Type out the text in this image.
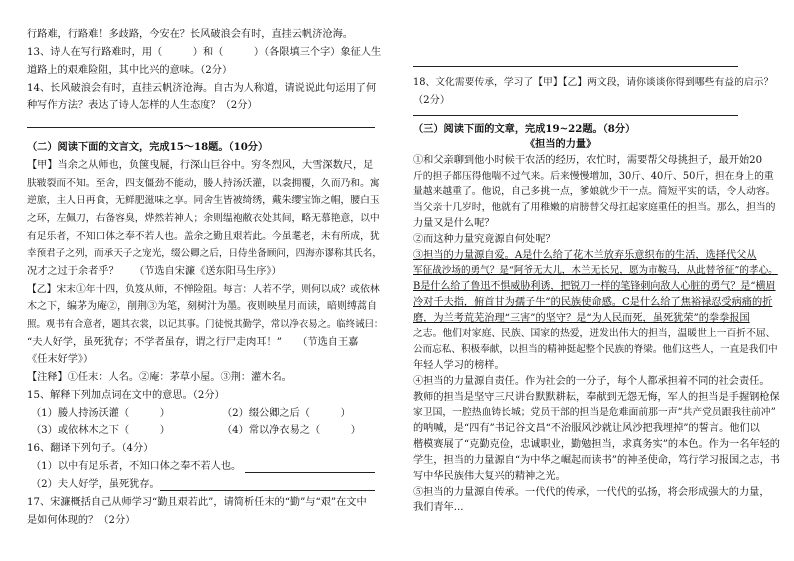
行路难，行路难！多歧路，今安在？长风破浪会有时，直挂云帆济沧海。
13、诗人在写行路难时，用（　　　）和（　　　）（各限填三个字）象征人生
道路上的艰难险阻，其中比兴的意味。（2分）
14、长风破浪会有时，直挂云帆济沧海。自古为人称道，请说说此句运用了何
种写作方法？表达了诗人怎样的人生态度？（2分）
（二）阅读下面的文言文，完成15～18题。（10分）
【甲】当余之从师也，负箧曳屣，行深山巨谷中。穷冬烈风，大雪深数尺，足
肤皲裂而不知。至舍，四支僵劲不能动，媵人持汤沃灌，以衾拥覆，久而乃和。寓
逆旅，主人日再食，无鲜肥滋味之享。同舍生皆被绮绣，戴朱缨宝饰之帽，腰白玉
之环，左佩刀，右备容臭，烨然若神人；余则缊袍敝衣处其间，略无慕艳意，以中
有足乐者，不知口体之奉不若人也。盖余之勤且艰若此。今虽耄老，未有所成，犹
幸预君子之列，而承天子之宠光，缀公卿之后，日侍坐备顾问，四海亦谬称其氏名，
况才之过于余者乎？　　（节选自宋濂《送东阳马生序》）
【乙】宋末①年十四，负笈从师，不惮险阻。每言：人若不学，则何以成？或依林
木之下，编茅为庵②，削荆③为笔，刻树汁为墨。夜则映星月而读，暗则缚蒿自
照。观书有合意者，题其衣裳，以记其事。门徒悦其勤学，常以净衣易之。临终诫曰：
“夫人好学，虽死犹存；不学者虽存，谓之行尸走肉耳！”　　（节选自王嘉
《任末好学》）
【注释】①任末：人名。②庵：茅草小屋。③荆：灌木名。
15、解释下列加点词在文中的意思。（2分）
（1）媵人持汤沃灌（　　　）	（2）缀公卿之后（　　　）
（3）或依林木之下（　　　）	（4）常以净衣易之（　　　）
16、翻译下列句子。（4分）
（1）以中有足乐者，不知口体之奉不若人也。
（2）夫人好学，虽死犹存。
17、宋濂概括自己从师学习“勤且艰若此”，请简析任末的“勤”与“艰”在文中
是如何体现的？（2分）
18、文化需要传承，学习了【甲】【乙】两文段，请你谈谈你得到哪些有益的启示？
（2分）
（三）阅读下面的文章，完成19~22题。（8分）
《担当的力量》
①和父亲聊到他小时候干农活的经历，农忙时，需要帮父母挑担子，最开始20
斤的担子都压得他喘不过气来。后来慢慢增加，30斤、40斤、50斤，担在身上的重
量越来越重了。他说，自己多挑一点，爹娘就少干一点。简短平实的话，令人动容。
当父亲十几岁时，他就有了用稚嫩的肩膀替父母扛起家庭重任的担当。那么，担当的
力量又是什么呢？
②而这种力量究竟源自何处呢？
③担当的力量源自爱。A是什么给了花木兰放弃乐意织布的生活，选择代父从
军征战沙场的勇气？是“阿爷无大儿，木兰无长兄，愿为市鞍马，从此替爷征”的孝心。
B是什么给了鲁迅不惧威胁利诱，把锐刀一样的笔锋刺向敌人心脏的勇气？是“横眉
冷对千夫指，俯首甘为孺子牛”的民族使命感。C是什么给了焦裕禄忍受病痛的折
磨，为兰考荒芜治理“三害”的坚守？是“为人民而死，虽死犹荣”的拳拳报国
之志。他们对家庭、民族、国家的热爱，迸发出伟大的担当，温暖世上一百折不屈、
公而忘私、积极奉献，以担当的精神挺起整个民族的脊梁。他们这些人，一直是我们中
年轻人学习的榜样。
④担当的力量源自责任。作为社会的一分子，每个人都承担着不同的社会责任。
教师的担当是坚守三尺讲台默默耕耘，奉献到无怨无悔，军人的担当是手握钢枪保
家卫国，一腔热血铸长城；党员干部的担当是危难面前那一声“共产党员跟我往前冲”
的呐喊，是“四有”书记谷文昌“不治服风沙就让风沙把我埋掉”的誓言。他们以
楷模赛展了“克勤克俭，忠诚职业，勤勉担当，求真务实”的本色。作为一名年轻的
学生，担当的力量源自“为中华之崛起而读书”的神圣使命，笃行学习报国之志，书
写中华民族伟大复兴的精神之光。
⑤担当的力量源自传承。一代代的传承，一代代的弘扬，将会形成强大的力量，
我们青年...
